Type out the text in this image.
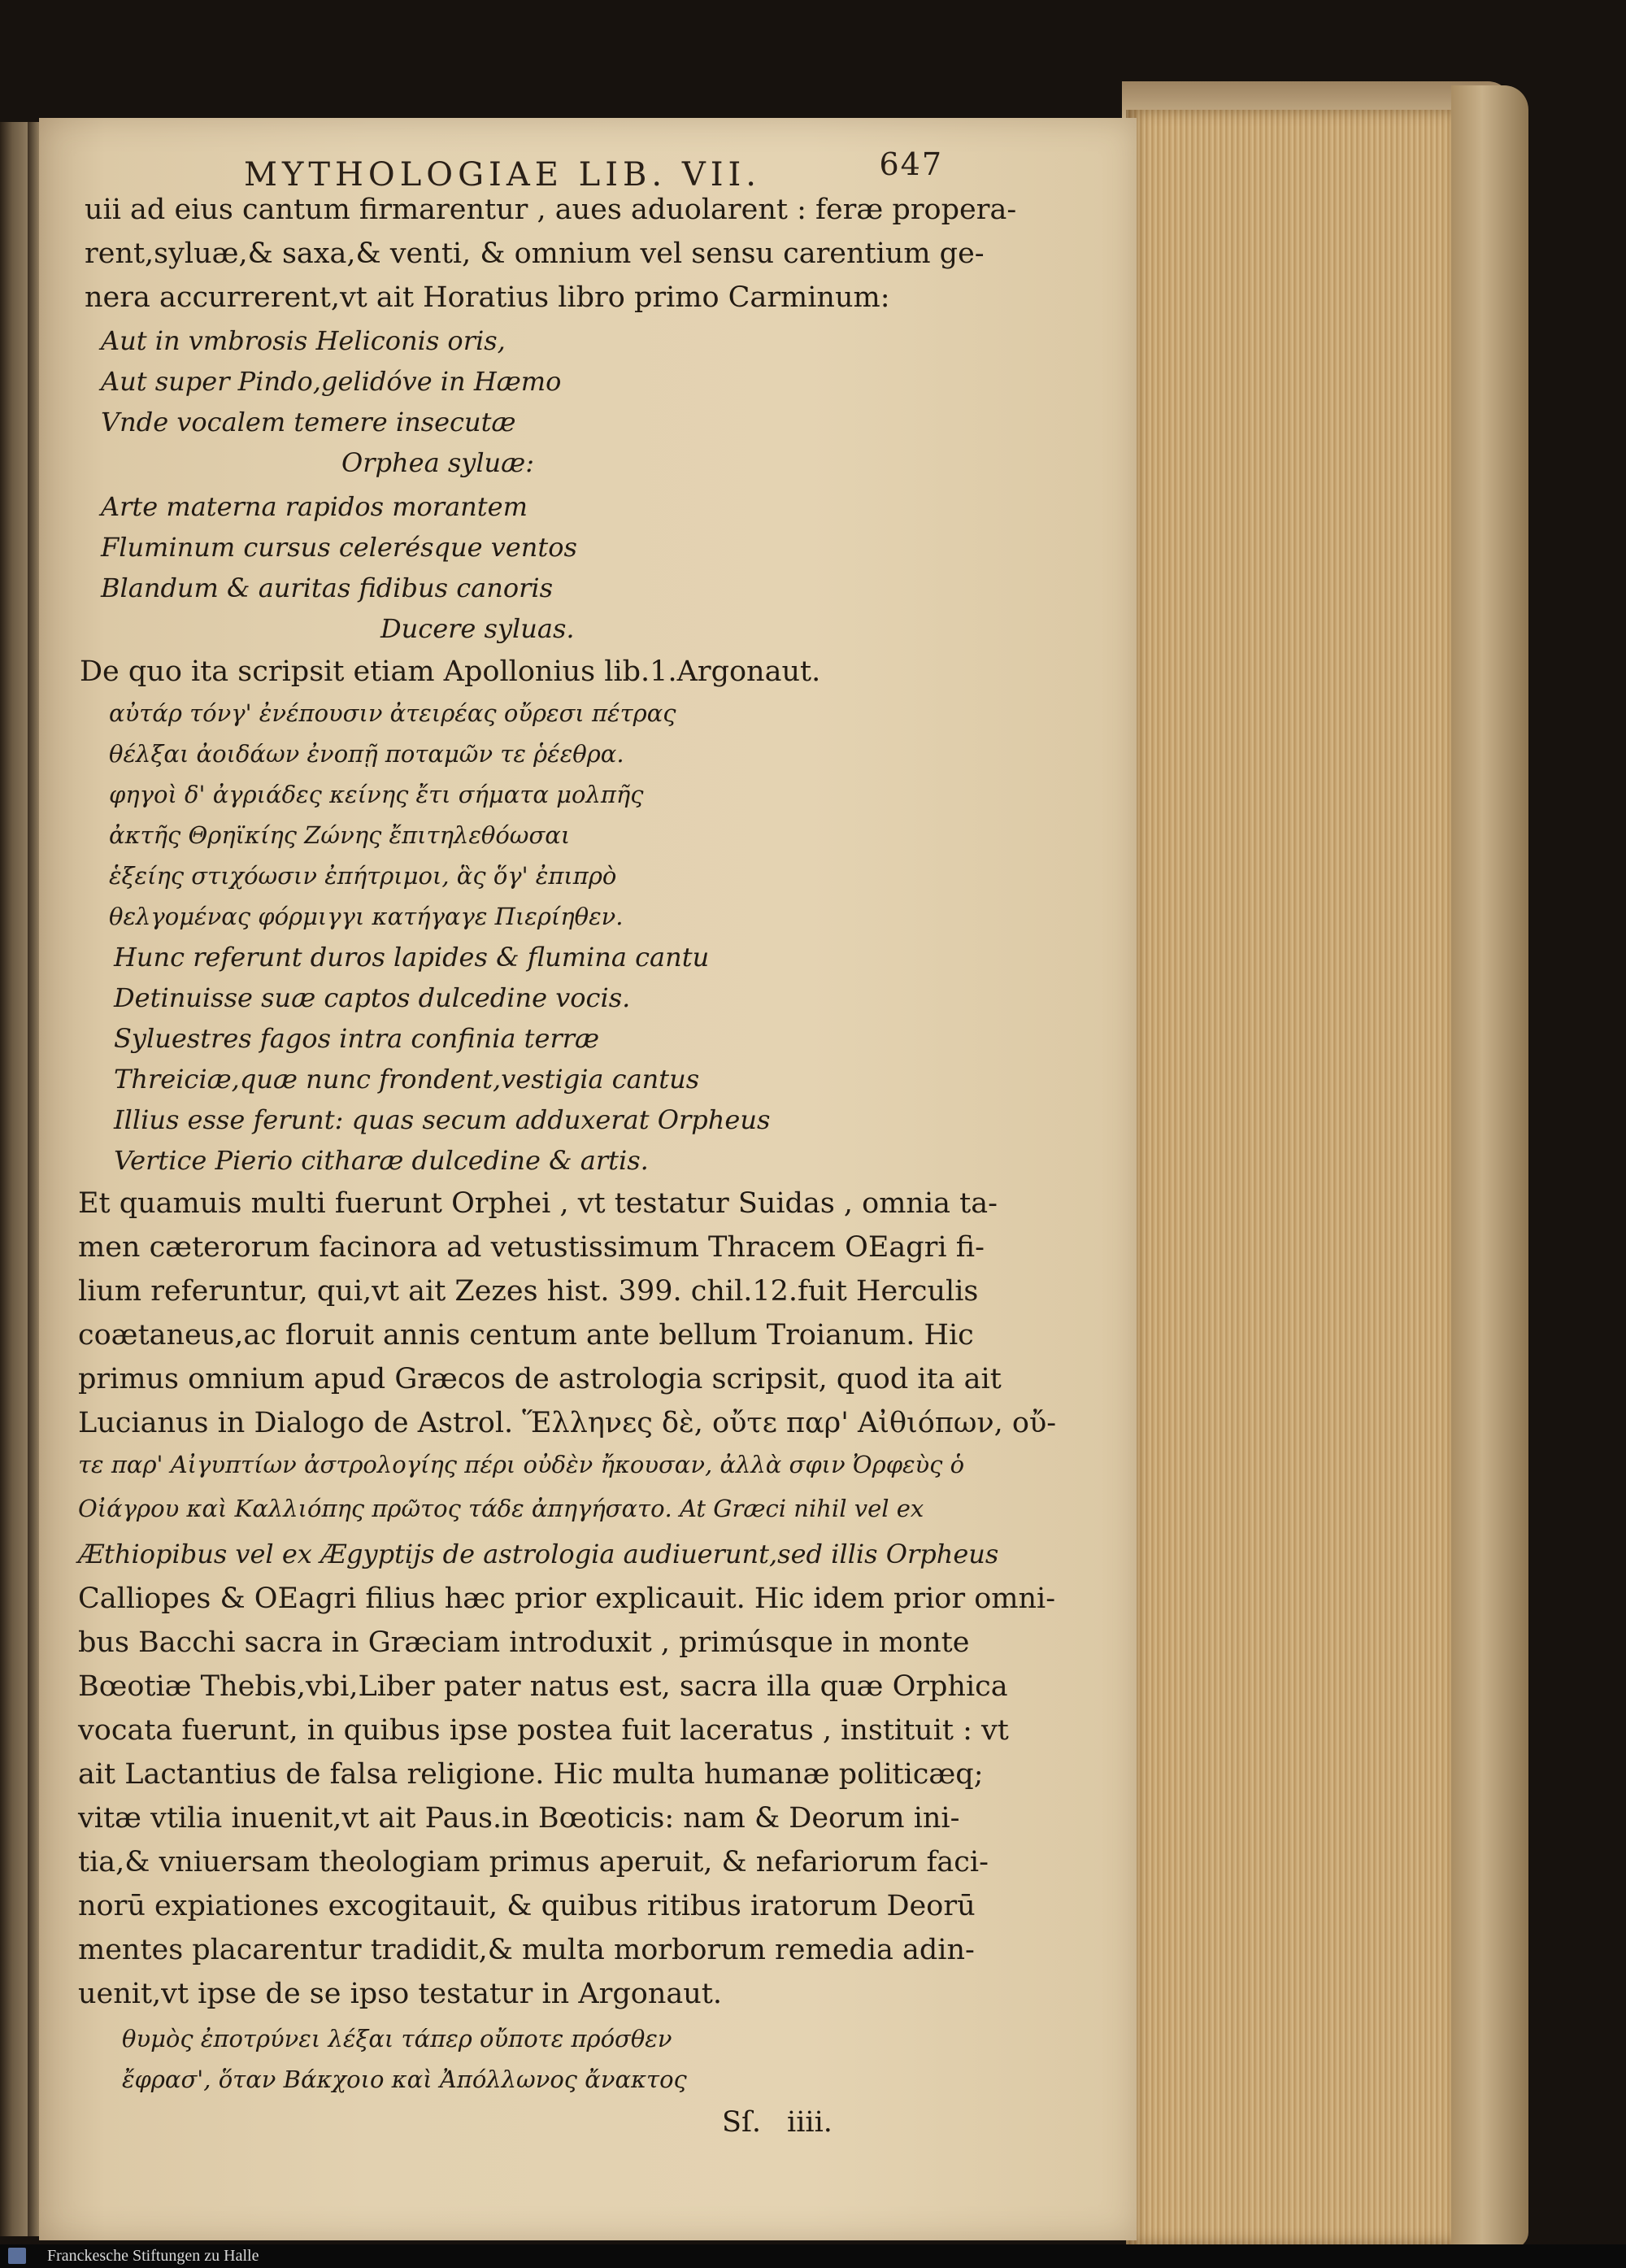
MYTHOLOGIAE LIB. VII.	647
uii ad eius cantum firmarentur , aues aduolarent : feræ propera-
rent,syluæ,& saxa,& venti, & omnium vel sensu carentium ge-
nera accurrerent,vt ait Horatius libro primo Carminum:
Aut in vmbrosis Heliconis oris,
Aut super Pindo,gelidóve in Hæmo
Vnde vocalem temere insecutæ
Orphea syluæ:
Arte materna rapidos morantem
Fluminum cursus celerésque ventos
Blandum & auritas fidibus canoris
Ducere syluas.
De quo ita scripsit etiam Apollonius lib.1.Argonaut.
αὐτάρ τόνγ' ἐνέπουσιν ἀτειρέας οὔρεσι πέτρας
θέλξαι ἀοιδάων ἐνοπῇ ποταμῶν τε ῥέεθρα.
φηγοὶ δ' ἀγριάδες κείνης ἔτι σήματα μολπῆς
ἀκτῆς Θρηϊκίης Ζώνης ἔπιτηλεθόωσαι
ἑξείης στιχόωσιν ἐπήτριμοι, ἃς ὅγ' ἐπιπρὸ
θελγομένας φόρμιγγι κατήγαγε Πιερίηθεν.
Hunc referunt duros lapides & flumina cantu
Detinuisse suæ captos dulcedine vocis.
Syluestres fagos intra confinia terræ
Threiciæ,quæ nunc frondent,vestigia cantus
Illius esse ferunt: quas secum adduxerat Orpheus
Vertice Pierio citharæ dulcedine & artis.
Et quamuis multi fuerunt Orphei , vt testatur Suidas , omnia ta-
men cæterorum facinora ad vetustissimum Thracem OEagri fi-
lium referuntur, qui,vt ait Zezes hist. 399. chil.12.fuit Herculis
coætaneus,ac floruit annis centum ante bellum Troianum. Hic
primus omnium apud Græcos de astrologia scripsit, quod ita ait
Lucianus in Dialogo de Astrol. Ἕλληνες δὲ, οὔτε παρ' Αἰθιόπων, οὔ-
τε παρ' Αἰγυπτίων ἀστρολογίης πέρι οὐδὲν ἤκουσαν, ἀλλὰ σφιν Ὀρφεὺς ὁ
Οἰάγρου καὶ Καλλιόπης πρῶτος τάδε ἀπηγήσατο. At Græci nihil vel ex
Æthiopibus vel ex Ægyptijs de astrologia audiuerunt,sed illis Orpheus
Calliopes & OEagri filius hæc prior explicauit. Hic idem prior omni-
bus Bacchi sacra in Græciam introduxit , primúsque in monte
Bœotiæ Thebis,vbi,Liber pater natus est, sacra illa quæ Orphica
vocata fuerunt, in quibus ipse postea fuit laceratus , instituit : vt
ait Lactantius de falsa religione. Hic multa humanæ politicæq;
vitæ vtilia inuenit,vt ait Paus.in Bœoticis: nam & Deorum ini-
tia,& vniuersam theologiam primus aperuit, & nefariorum faci-
norū expiationes excogitauit, & quibus ritibus iratorum Deorū
mentes placarentur tradidit,& multa morborum remedia adin-
uenit,vt ipse de se ipso testatur in Argonaut.
θυμὸς ἐποτρύνει λέξαι τάπερ οὔποτε πρόσθεν
ἔφρασ', ὅταν Βάκχοιο καὶ Ἀπόλλωνος ἄνακτος
Sſ. iiii.
Franckesche Stiftungen zu Halle
